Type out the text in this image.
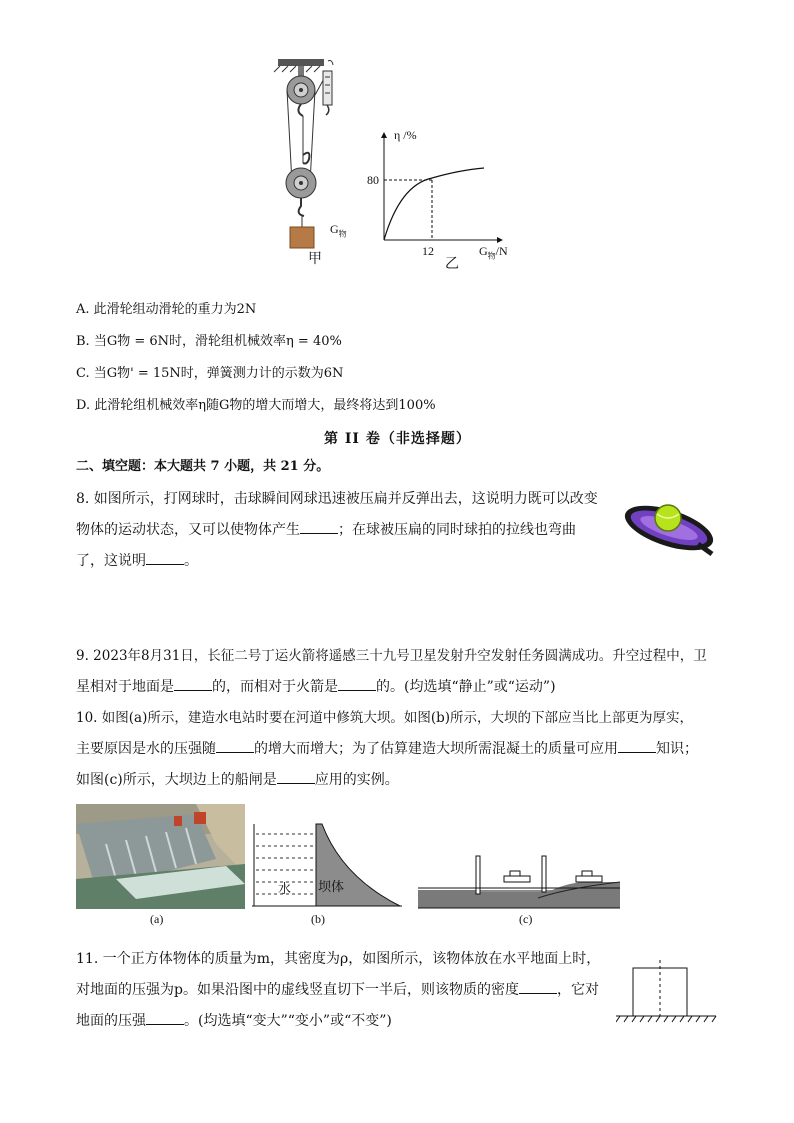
$G_物$
甲
η /%
80
12
乙
$G_物/N$
A. 此滑轮组动滑轮的重力为2N
B. 当G物 = 6N时，滑轮组机械效率η = 40%
C. 当G物' = 15N时，弹簧测力计的示数为6N
D. 此滑轮组机械效率η随G物的增大而增大，最终将达到100%
第 II 卷（非选择题）
二、填空题：本大题共 7 小题，共 21 分。
8. 如图所示，打网球时，击球瞬间网球迅速被压扁并反弹出去，这说明力既可以改变
物体的运动状态，又可以使物体产生	；在球被压扁的同时球拍的拉线也弯曲
了，这说明	。
9. 2023年8月31日，长征二号丁运火箭将遥感三十九号卫星发射升空发射任务圆满成功。升空过程中，卫
星相对于地面是	的，而相对于火箭是	的。(均选填“静止”或“运动”)
10. 如图(a)所示，建造水电站时要在河道中修筑大坝。如图(b)所示，大坝的下部应当比上部更为厚实，
主要原因是水的压强随	的增大而增大；为了估算建造大坝所需混凝土的质量可应用	知识；
如图(c)所示，大坝边上的船闸是	应用的实例。
(a)
水 坝体
(b)	(c)
11. 一个正方体物体的质量为m，其密度为ρ，如图所示，该物体放在水平地面上时，
对地面的压强为p。如果沿图中的虚线竖直切下一半后，则该物质的密度	，它对
地面的压强	。(均选填“变大”“变小”或“不变”)
